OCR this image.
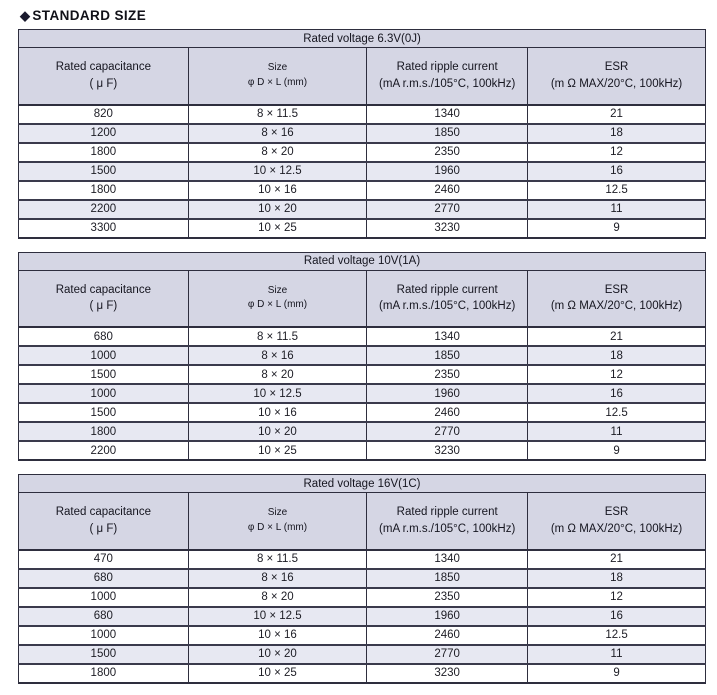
◆ STANDARD SIZE
Rated voltage 6.3V(0J)			

Rated capacitance
( μ F)	Size
φ D × L (mm)	Rated ripple current
(mA r.m.s./105°C, 100kHz)	ESR
(m Ω MAX/20°C, 100kHz)

820	8 × 11.5	1340	21
1200	8 × 16	1850	18
1800	8 × 20	2350	12
1500	10 × 12.5	1960	16
1800	10 × 16	2460	12.5
2200	10 × 20	2770	11
3300	10 × 25	3230	9
Rated voltage 10V(1A)			

Rated capacitance
( μ F)	Size
φ D × L (mm)	Rated ripple current
(mA r.m.s./105°C, 100kHz)	ESR
(m Ω MAX/20°C, 100kHz)

680	8 × 11.5	1340	21
1000	8 × 16	1850	18
1500	8 × 20	2350	12
1000	10 × 12.5	1960	16
1500	10 × 16	2460	12.5
1800	10 × 20	2770	11
2200	10 × 25	3230	9
Rated voltage 16V(1C)			

Rated capacitance
( μ F)	Size
φ D × L (mm)	Rated ripple current
(mA r.m.s./105°C, 100kHz)	ESR
(m Ω MAX/20°C, 100kHz)

470	8 × 11.5	1340	21
680	8 × 16	1850	18
1000	8 × 20	2350	12
680	10 × 12.5	1960	16
1000	10 × 16	2460	12.5
1500	10 × 20	2770	11
1800	10 × 25	3230	9
